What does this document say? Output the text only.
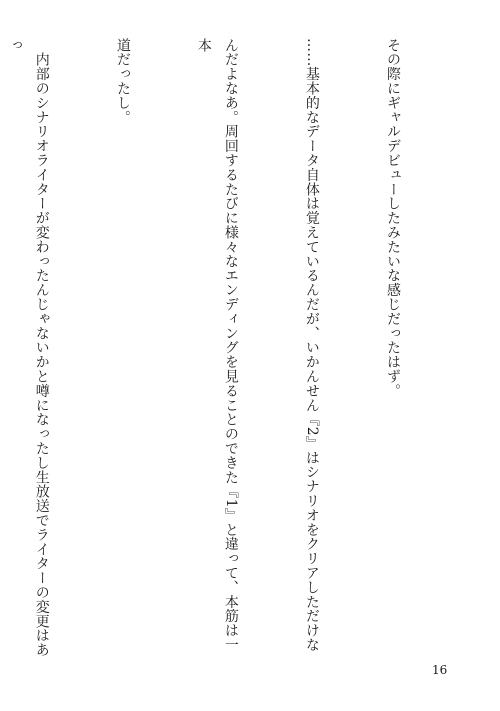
その際にギャルデビューしたみたいな感じだったはず。

……基本的なデータ自体は覚えているんだが、いかんせん『2』はシナリオをクリアしただけな

んだよなあ。周回するたびに様々なエンディングを見ることのできた『1』と違って、本筋は一本

道だったし。

　内部のシナリオライターが変わったんじゃないかと噂になったし生放送でライターの変更はあっ

16
